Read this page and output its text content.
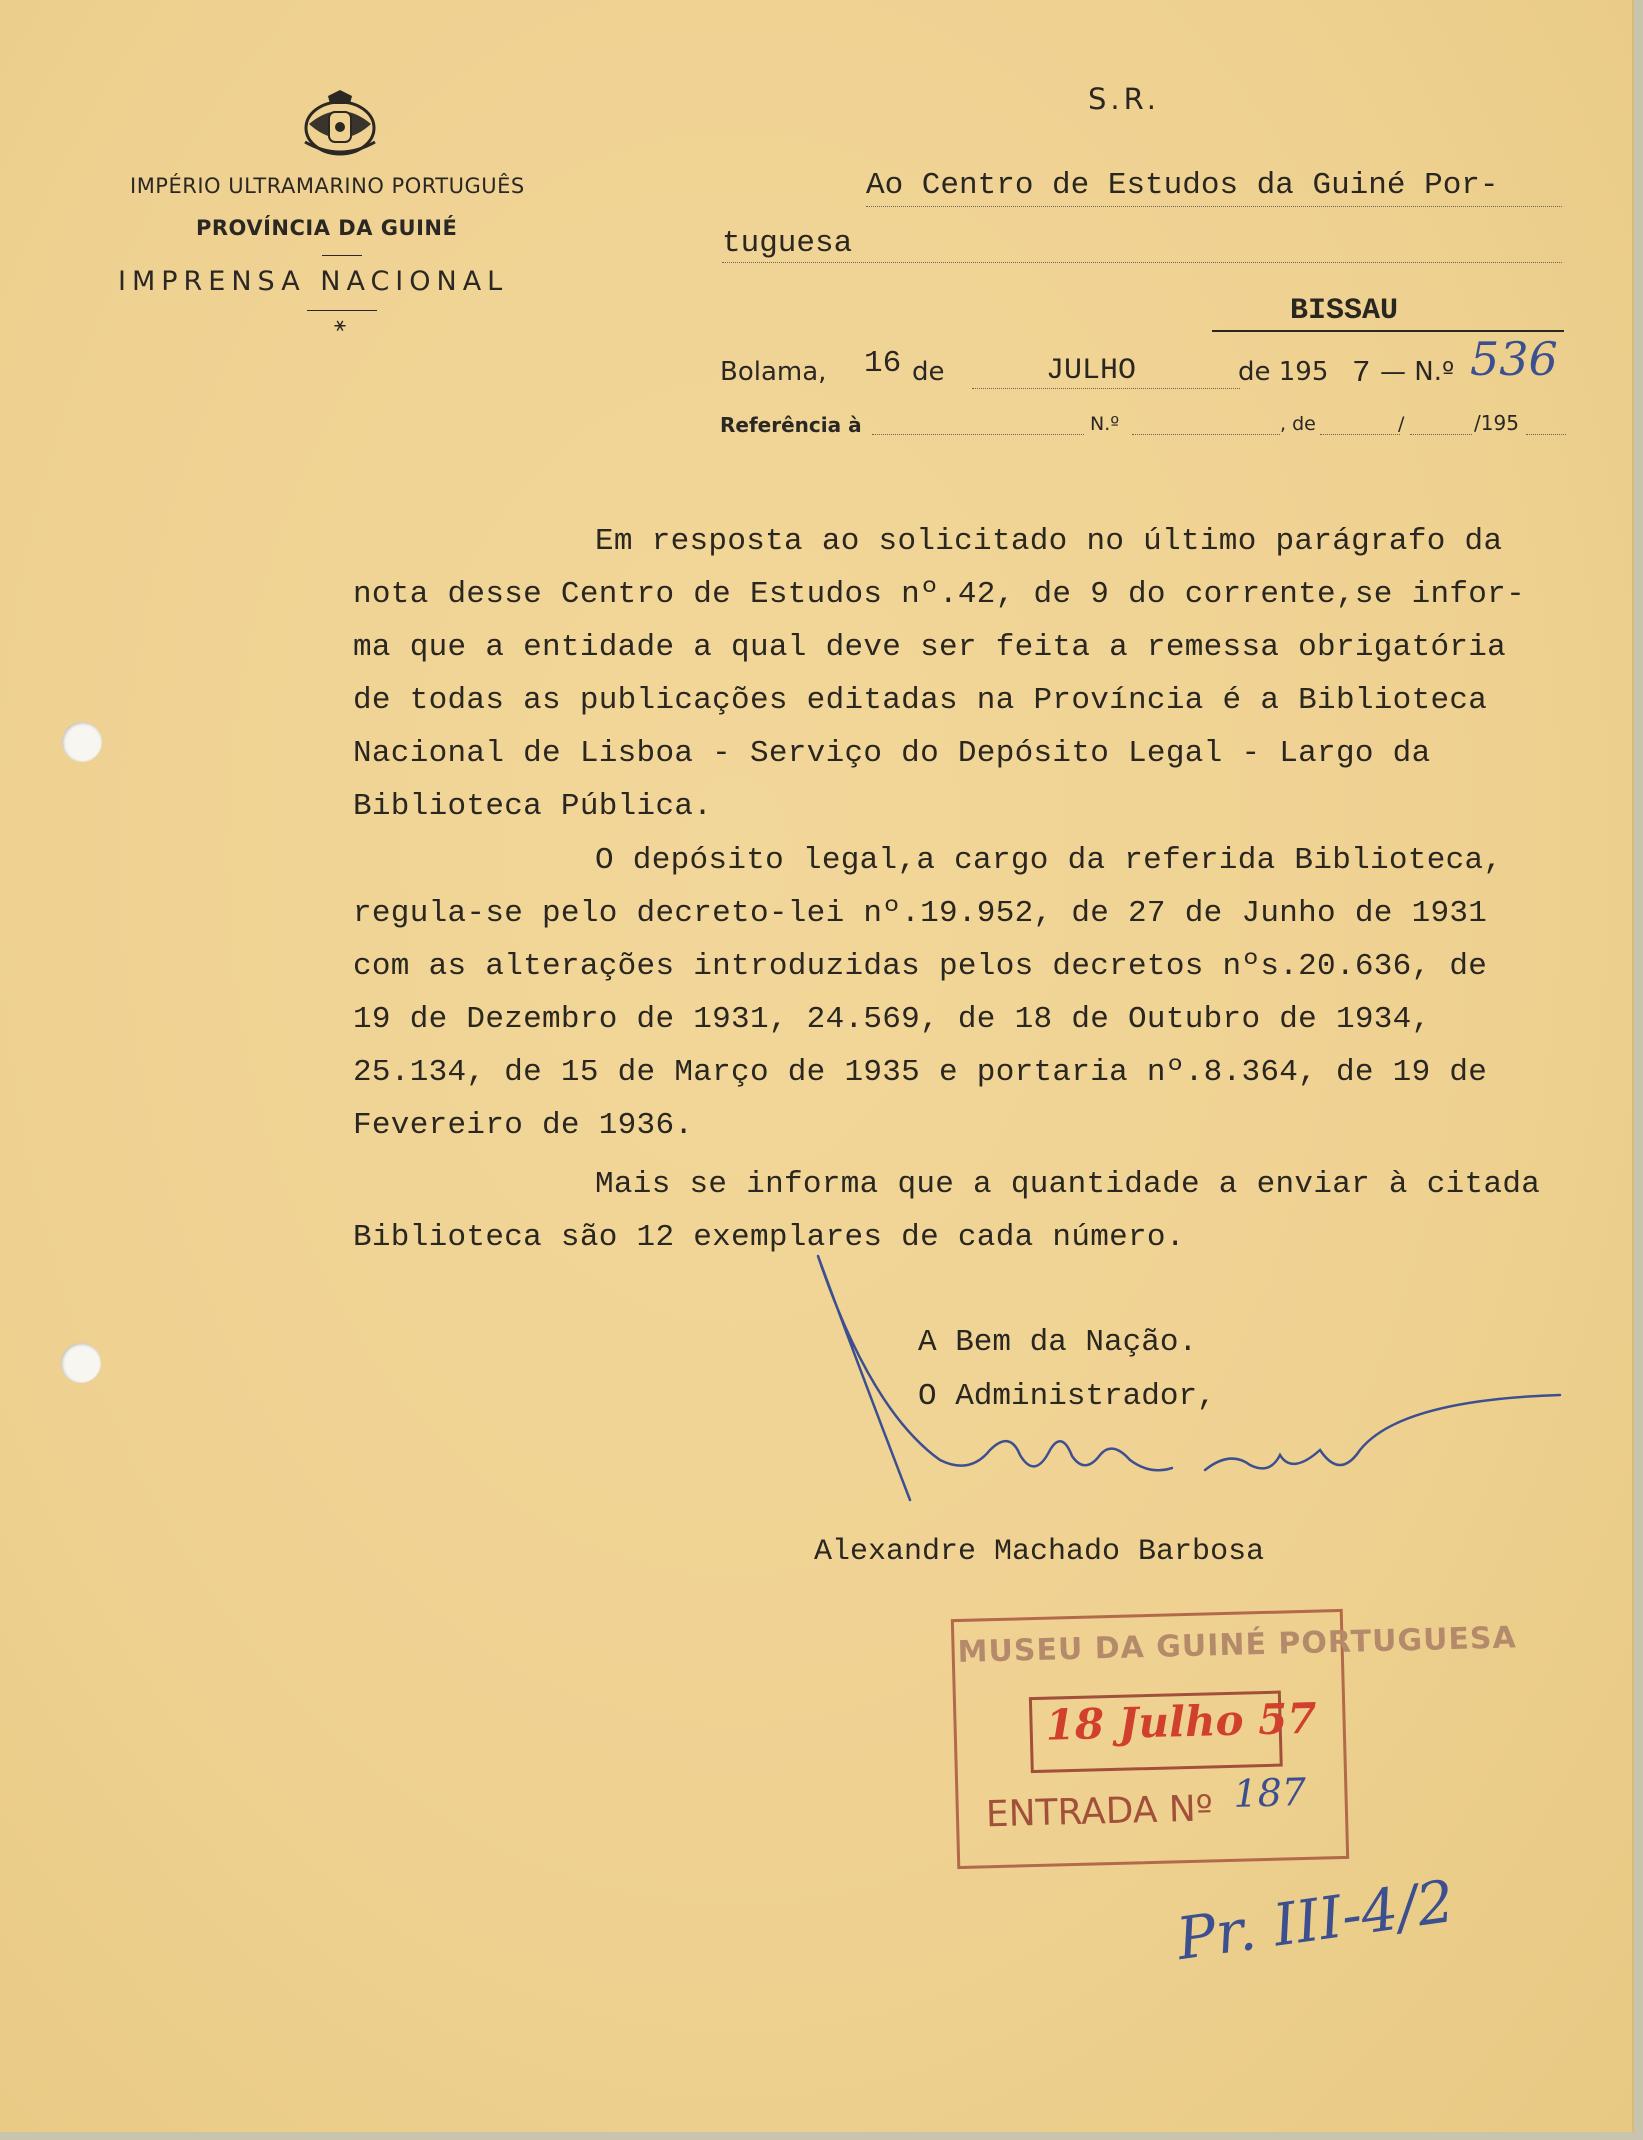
IMPÉRIO ULTRAMARINO PORTUGUÊS
PROVÍNCIA DA GUINÉ
IMPRENSA NACIONAL
⚹
S.R.
Ao Centro de Estudos da Guiné Por-
tuguesa
BISSAU
Bolama, 16 de	JULHO	de 195 7 — N.º 536
Referência à	N.º	, de	/	/195
Em resposta ao solicitado no último parágrafo da
nota desse Centro de Estudos nº.42, de 9 do corrente,se infor-
ma que a entidade a qual deve ser feita a remessa obrigatória
de todas as publicações editadas na Província é a Biblioteca
Nacional de Lisboa - Serviço do Depósito Legal - Largo da
Biblioteca Pública.
O depósito legal,a cargo da referida Biblioteca,
regula-se pelo decreto-lei nº.19.952, de 27 de Junho de 1931
com as alterações introduzidas pelos decretos nºs.20.636, de
19 de Dezembro de 1931, 24.569, de 18 de Outubro de 1934,
25.134, de 15 de Março de 1935 e portaria nº.8.364, de 19 de
Fevereiro de 1936.
Mais se informa que a quantidade a enviar à citada
Biblioteca são 12 exemplares de cada número.
A Bem da Nação.
O Administrador,
Alexandre Machado Barbosa
MUSEU DA GUINÉ PORTUGUESA
18 Julho 57
ENTRADA Nº 187
Pr. III-4/2
